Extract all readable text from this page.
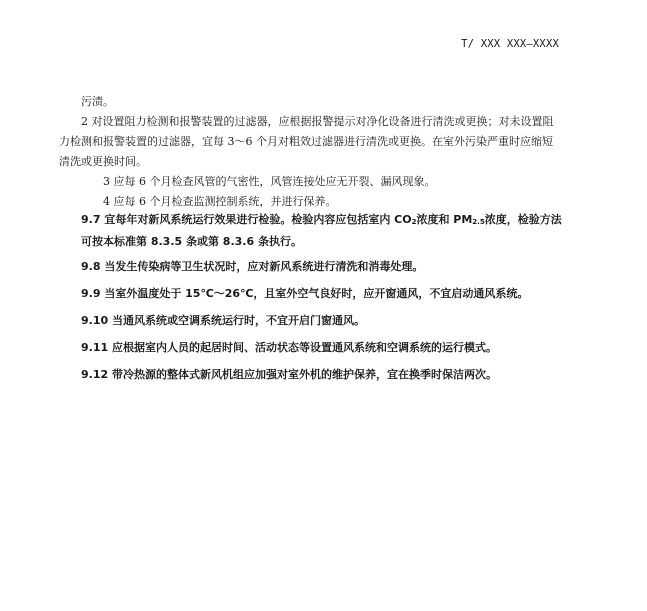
T/ XXX XXX—XXXX

污渍。

2 对设置阻力检测和报警装置的过滤器，应根据报警提示对净化设备进行清洗或更换；对未设置阻力检测和报警装置的过滤器，宜每 3～6 个月对粗效过滤器进行清洗或更换。在室外污染严重时应缩短清洗或更换时间。

3 应每 6 个月检查风管的气密性，风管连接处应无开裂、漏风现象。

4 应每 6 个月检查监测控制系统，并进行保养。

9.7 宜每年对新风系统运行效果进行检验。检验内容应包括室内 $CO_2$浓度和 $PM_{2.5}$浓度，检验方法可按本标准第 8.3.5 条或第 8.3.6 条执行。

9.8 当发生传染病等卫生状况时，应对新风系统进行清洗和消毒处理。
9.9 当室外温度处于 15℃～26℃，且室外空气良好时，应开窗通风，不宜启动通风系统。
9.10 当通风系统或空调系统运行时，不宜开启门窗通风。
9.11 应根据室内人员的起居时间、活动状态等设置通风系统和空调系统的运行模式。
9.12 带冷热源的整体式新风机组应加强对室外机的维护保养，宜在换季时保洁两次。
